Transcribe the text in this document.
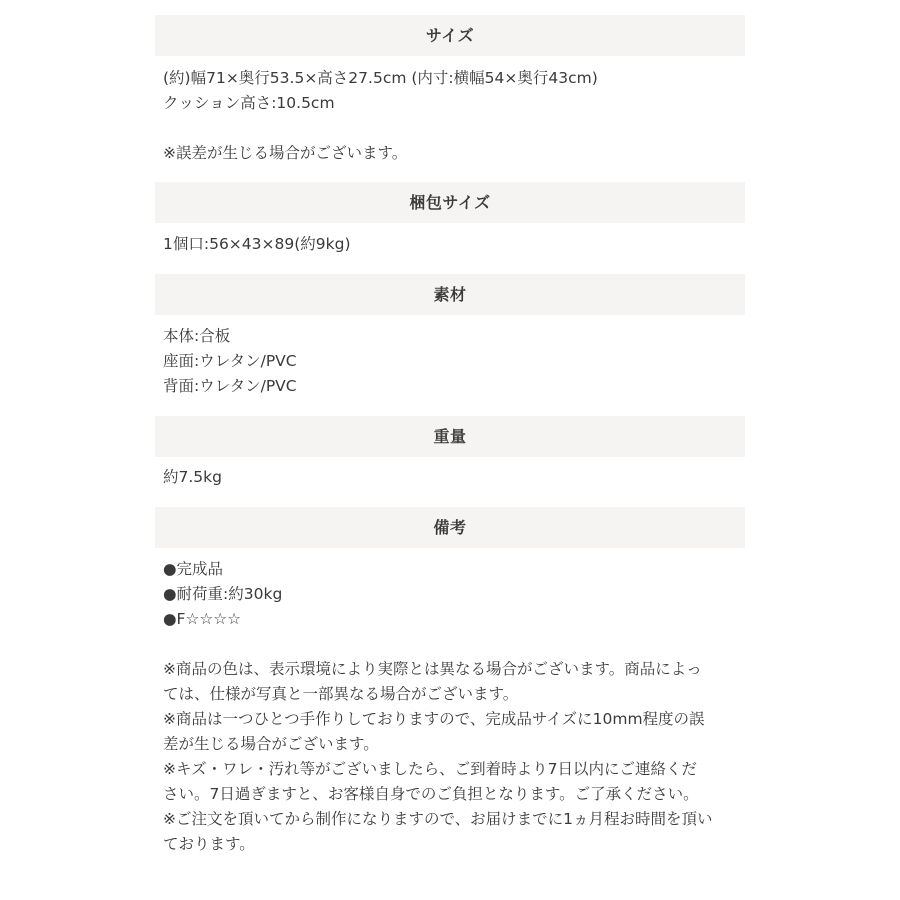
サイズ
(約)幅71×奥行53.5×高さ27.5cm (内寸:横幅54×奥行43cm)
クッション高さ:10.5cm
※誤差が生じる場合がございます。
梱包サイズ
1個口:56×43×89(約9kg)
素材
本体:合板
座面:ウレタン/PVC
背面:ウレタン/PVC
重量
約7.5kg
備考
●完成品
●耐荷重:約30kg
●F☆☆☆☆
※商品の色は、表示環境により実際とは異なる場合がございます。商品によっ
ては、仕様が写真と一部異なる場合がございます。
※商品は一つひとつ手作りしておりますので、完成品サイズに10mm程度の誤
差が生じる場合がございます。
※キズ・ワレ・汚れ等がございましたら、ご到着時より7日以内にご連絡くだ
さい。7日過ぎますと、お客様自身でのご負担となります。ご了承ください。
※ご注文を頂いてから制作になりますので、お届けまでに1ヵ月程お時間を頂い
ております。
